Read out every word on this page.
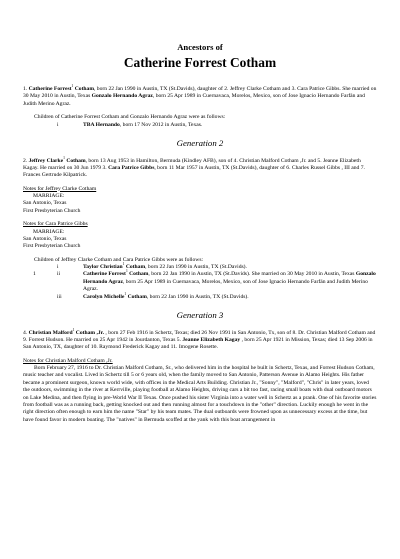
Ancestors of
Catherine Forrest Cotham

1. Catherine Forrest$^1$ Cotham, born 22 Jan 1990 in Austin, TX (St.Davids), daughter of 2. Jeffrey Clarke Cotham and 3. Cara Patrice Gibbs. She married on 30 May 2010 in Austin, Texas Gonzalo Hernando Agraz, born 25 Apr 1989 in Cuernavaca, Morelos, Mexico, son of Jose Ignacio Hernando Farfán and Judith Merino Agraz.

Children of Catherine Forrest Cotham and Gonzalo Hernando Agraz were as follows:

i	TBA Hernando, born 17 Nov 2012 in Austin, Texas.
Generation 2

2. Jeffrey Clarke$^1$ Cotham, born 13 Aug 1953 in Hamilton, Bermuda (Kindley AFB), son of 4. Christian Malford Cotham ,Jr. and 5. Jeanne Elizabeth Kagay. He married on 30 Jun 1979 3. Cara Patrice Gibbs, born 11 Mar 1957 in Austin, TX (St.Davids), daughter of 6. Charles Russel Gibbs , III and 7. Frances Gertrude Kilpatrick.

Notes for Jeffrey Clarke Cotham
MARRIAGE:
San Antonio, Texas
First Presbyterian Church
Notes for Cara Patrice Gibbs
MARRIAGE:
San Antonio, Texas
First Presbyterian Church

Children of Jeffrey Clarke Cotham and Cara Patrice Gibbs were as follows:

i	Taylor Christian$^1$ Cotham, born 22 Jan 1990 in Austin, TX (St.Davids).
1	ii	Catherine Forrest$^1$ Cotham, born 22 Jan 1990 in Austin, TX (St.Davids). She married on 30 May 2010 in Austin, Texas Gonzalo Hernando Agraz, born 25 Apr 1989 in Cuernavaca, Morelos, Mexico, son of Jose Ignacio Hernando Farfán and Judith Merino Agraz.
iii	Carolyn Michelle$^1$ Cotham, born 22 Jan 1990 in Austin, TX (St.Davids).
Generation 3

4. Christian Malford$^1$ Cotham ,Jr. , born 27 Feb 1916 in Schertz, Texas; died 26 Nov 1991 in San Antonio, Tx, son of 8. Dr. Christian Malford Cotham and 9. Forrest Hudson. He married on 25 Apr 1942 in Jourdanton, Texas 5. Jeanne Elizabeth Kagay , born 25 Apr 1921 in Mission, Texas; died 13 Sep 2006 in San Antonio, TX, daughter of 10. Raymond Frederick Kagay and 11. Imogene Rosette.

Notes for Christian Malford Cotham ,Jr.

Born February 27, 1916 to Dr. Christian Malford Cotham, Sr., who delivered him in the hospital he built in Schertz, Texas, and Forrest Hudson Cotham, music teacher and vocalist. Lived in Schertz till 5 or 6 years old, when the family moved to San Antonio, Patterson Avenue in Alamo Heights. His father became a prominent surgeon, known world wide, with offices in the Medical Arts Building. Christian Jr., "Sonny", "Malford", "Chris" in later years, loved the outdoors, swimming in the river at Kerrville, playing football at Alamo Heights, driving cars a bit too fast, racing small boats with dual outboard motors on Lake Medina, and then flying in pre-World War II Texas. Once pushed his sister Virginia into a water well in Schertz as a prank. One of his favorite stories from football was as a running back, getting knocked out and then running almost for a touchdown in the "other" direction. Luckily enough he went in the right direction often enough to earn him the name "Star" by his team mates. The dual outboards were frowned upon as unnecessary excess at the time, but have found favor in modern boating. The "natives" in Bermuda scoffed at the yank with this boat arrangement in
